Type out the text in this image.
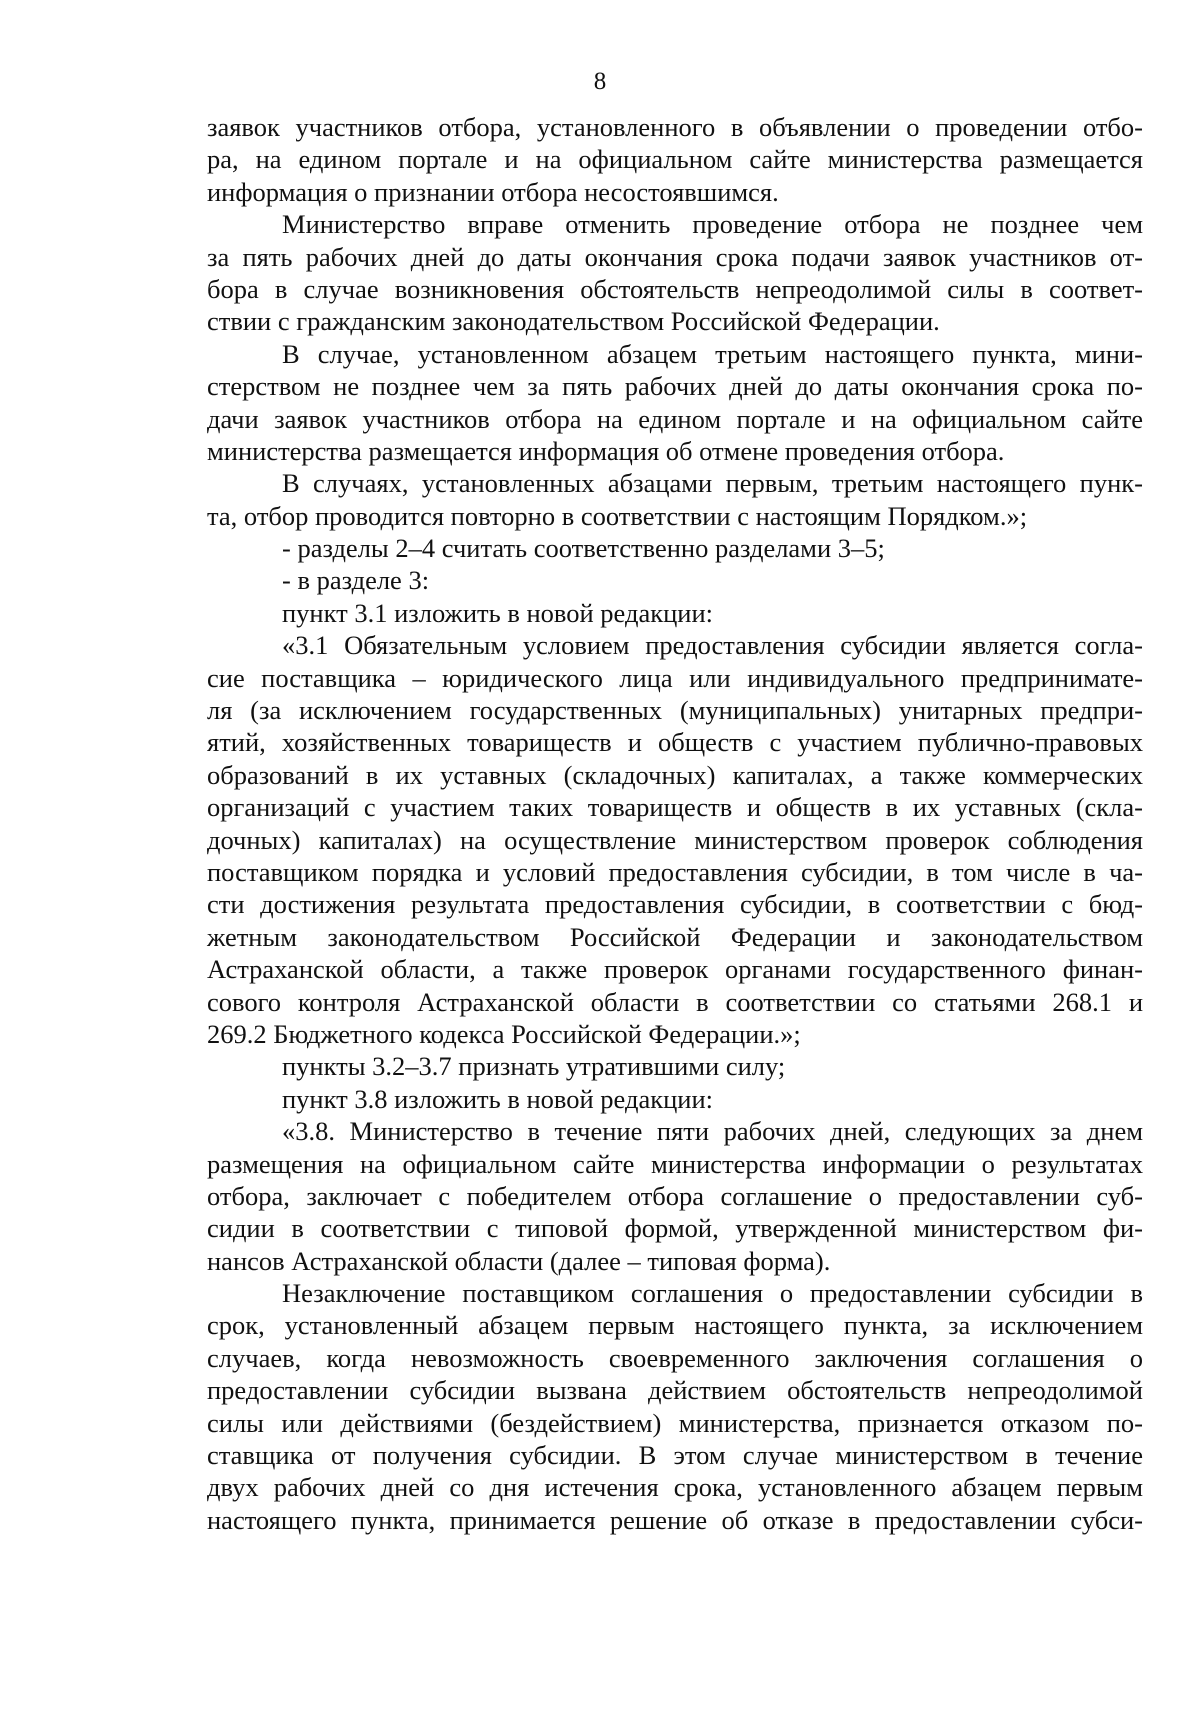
8
заявок участников отбора, установленного в объявлении о проведении отбо-
ра, на едином портале и на официальном сайте министерства размещается
информация о признании отбора несостоявшимся.
Министерство вправе отменить проведение отбора не позднее чем
за пять рабочих дней до даты окончания срока подачи заявок участников от-
бора в случае возникновения обстоятельств непреодолимой силы в соответ-
ствии с гражданским законодательством Российской Федерации.
В случае, установленном абзацем третьим настоящего пункта, мини-
стерством не позднее чем за пять рабочих дней до даты окончания срока по-
дачи заявок участников отбора на едином портале и на официальном сайте
министерства размещается информация об отмене проведения отбора.
В случаях, установленных абзацами первым, третьим настоящего пунк-
та, отбор проводится повторно в соответствии с настоящим Порядком.»;
- разделы 2–4 считать соответственно разделами 3–5;
- в разделе 3:
пункт 3.1 изложить в новой редакции:
«3.1 Обязательным условием предоставления субсидии является согла-
сие поставщика – юридического лица или индивидуального предпринимате-
ля (за исключением государственных (муниципальных) унитарных предпри-
ятий, хозяйственных товариществ и обществ с участием публично-правовых
образований в их уставных (складочных) капиталах, а также коммерческих
организаций с участием таких товариществ и обществ в их уставных (скла-
дочных) капиталах) на осуществление министерством проверок соблюдения
поставщиком порядка и условий предоставления субсидии, в том числе в ча-
сти достижения результата предоставления субсидии, в соответствии с бюд-
жетным законодательством Российской Федерации и законодательством
Астраханской области, а также проверок органами государственного финан-
сового контроля Астраханской области в соответствии со статьями 268.1 и
269.2 Бюджетного кодекса Российской Федерации.»;
пункты 3.2–3.7 признать утратившими силу;
пункт 3.8 изложить в новой редакции:
«3.8. Министерство в течение пяти рабочих дней, следующих за днем
размещения на официальном сайте министерства информации о результатах
отбора, заключает с победителем отбора соглашение о предоставлении суб-
сидии в соответствии с типовой формой, утвержденной министерством фи-
нансов Астраханской области (далее – типовая форма).
Незаключение поставщиком соглашения о предоставлении субсидии в
срок, установленный абзацем первым настоящего пункта, за исключением
случаев, когда невозможность своевременного заключения соглашения о
предоставлении субсидии вызвана действием обстоятельств непреодолимой
силы или действиями (бездействием) министерства, признается отказом по-
ставщика от получения субсидии. В этом случае министерством в течение
двух рабочих дней со дня истечения срока, установленного абзацем первым
настоящего пункта, принимается решение об отказе в предоставлении субси-
